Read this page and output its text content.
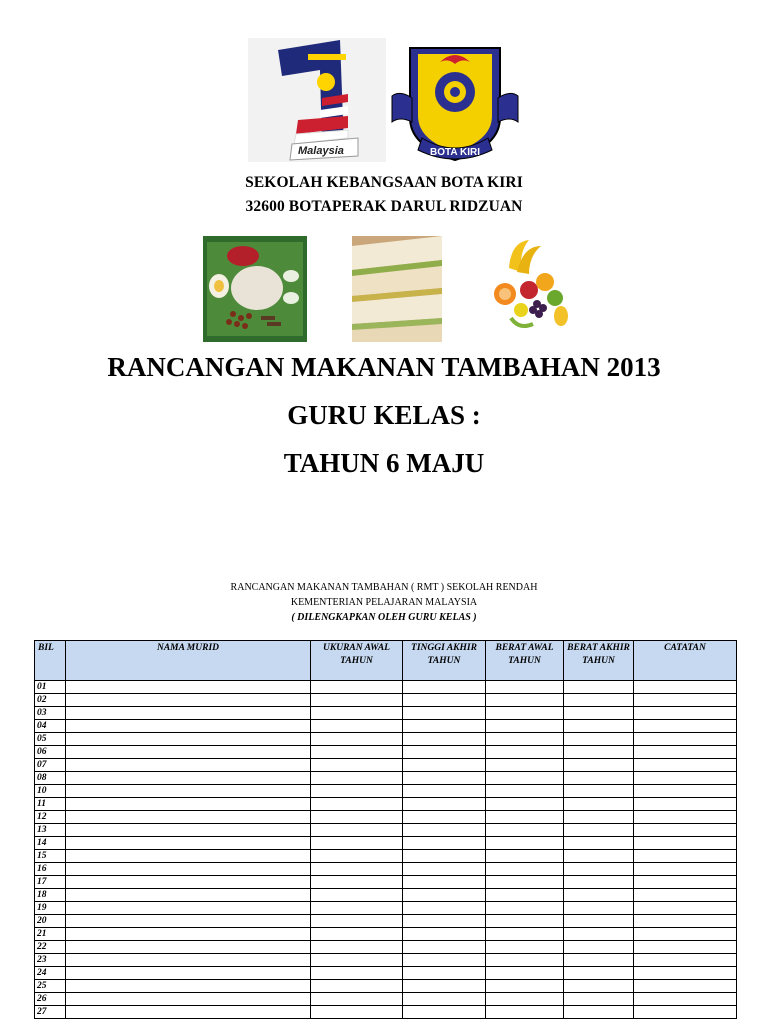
Malaysia	BOTA KIRI
SEKOLAH KEBANGSAAN BOTA KIRI
32600 BOTAPERAK DARUL RIDZUAN
RANCANGAN MAKANAN TAMBAHAN 2013
GURU KELAS :
TAHUN 6 MAJU
RANCANGAN MAKANAN TAMBAHAN ( RMT ) SEKOLAH RENDAH
KEMENTERIAN PELAJARAN MALAYSIA
( DILENGKAPKAN OLEH GURU KELAS )
BIL	NAMA MURID	UKURAN AWAL TAHUN	TINGGI AKHIR TAHUN	BERAT AWAL TAHUN	BERAT AKHIR TAHUN	CATATAN
01						
02						
03						
04						
05						
06						
07						
08						
10						
11						
12						
13						
14						
15						
16						
17						
18						
19						
20						
21						
22						
23						
24						
25						
26						
27						
